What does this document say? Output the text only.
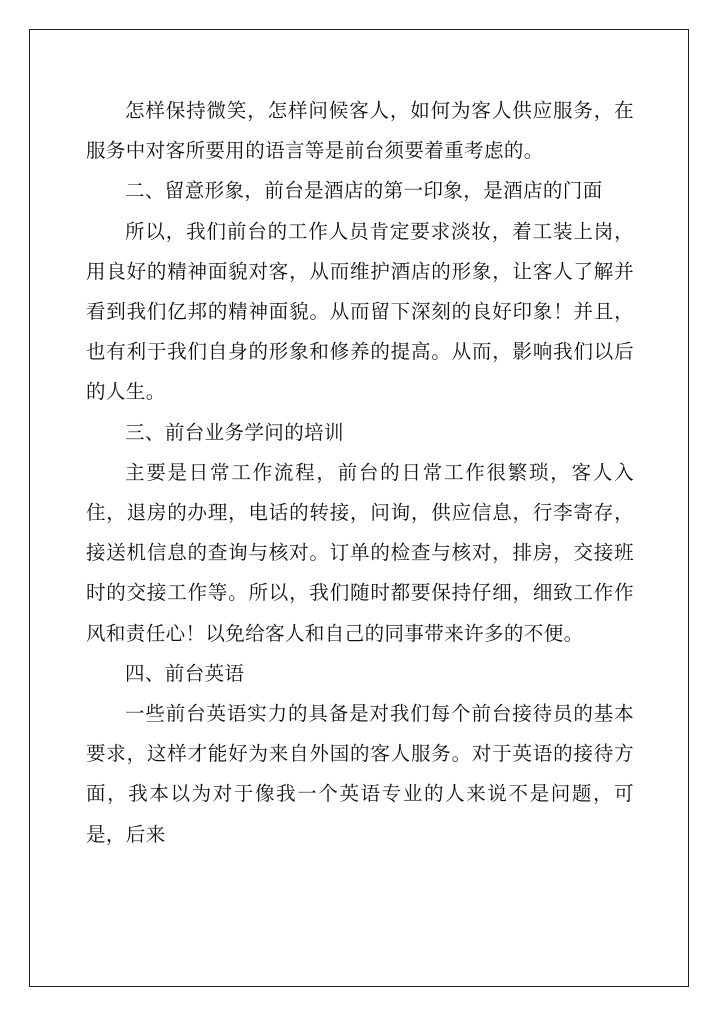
怎样保持微笑，怎样问候客人，如何为客人供应服务，在服务中对客所要用的语言等是前台须要着重考虑的。

二、留意形象，前台是酒店的第一印象，是酒店的门面

所以，我们前台的工作人员肯定要求淡妆，着工装上岗，用良好的精神面貌对客，从而维护酒店的形象，让客人了解并看到我们亿邦的精神面貌。从而留下深刻的良好印象！并且，也有利于我们自身的形象和修养的提高。从而，影响我们以后的人生。

三、前台业务学问的培训

主要是日常工作流程，前台的日常工作很繁琐，客人入住，退房的办理，电话的转接，问询，供应信息，行李寄存，接送机信息的查询与核对。订单的检查与核对，排房，交接班时的交接工作等。所以，我们随时都要保持仔细，细致工作作风和责任心！以免给客人和自己的同事带来许多的不便。

四、前台英语

一些前台英语实力的具备是对我们每个前台接待员的基本要求，这样才能好为来自外国的客人服务。对于英语的接待方面，我本以为对于像我一个英语专业的人来说不是问题，可是，后来
